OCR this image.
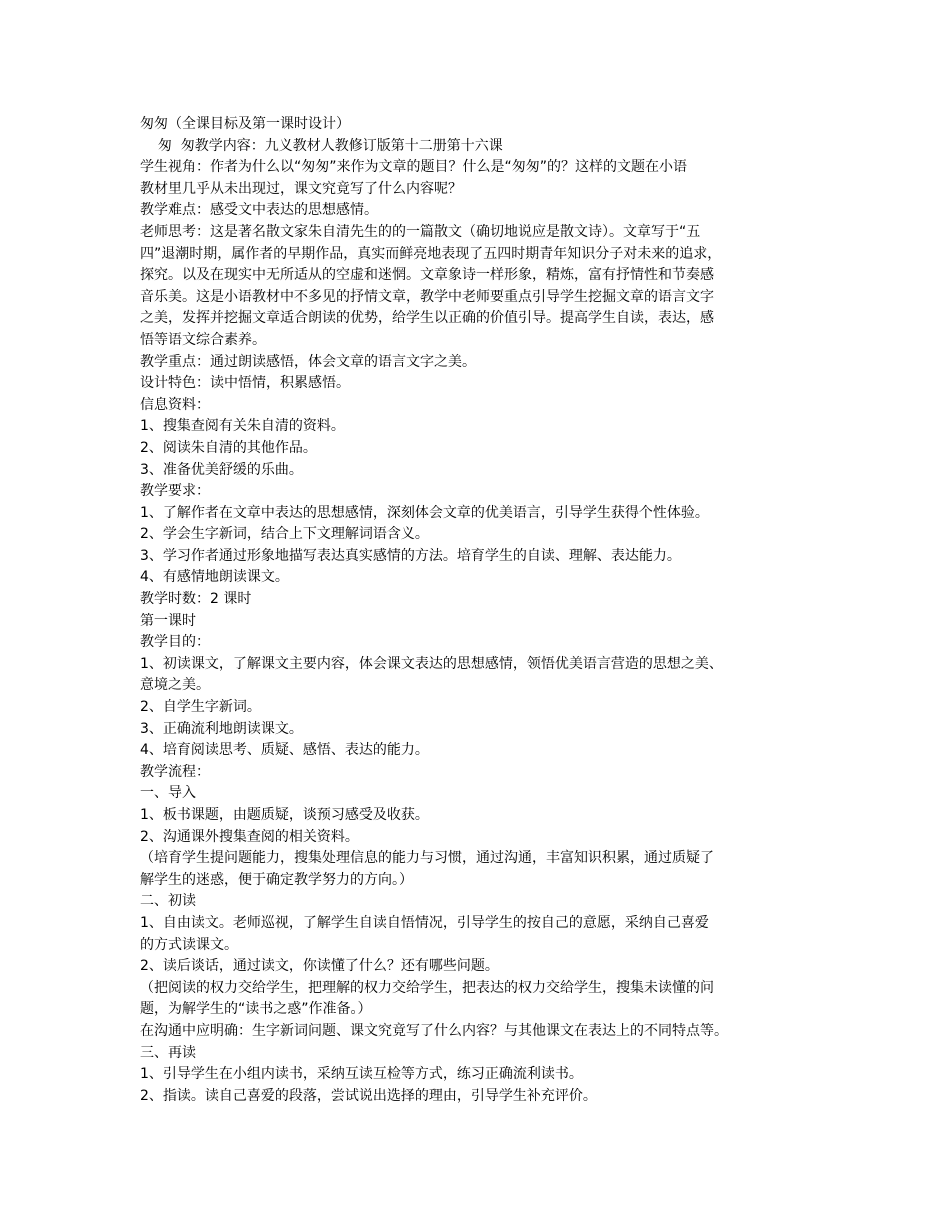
匆匆（全课目标及第一课时设计）
匆  匆教学内容：九义教材人教修订版第十二册第十六课
学生视角：作者为什么以“匆匆”来作为文章的题目？什么是“匆匆”的？这样的文题在小语
教材里几乎从未出现过，课文究竟写了什么内容呢？
教学难点：感受文中表达的思想感情。
老师思考：这是著名散文家朱自清先生的的一篇散文（确切地说应是散文诗）。文章写于“五
四”退潮时期，属作者的早期作品，真实而鲜亮地表现了五四时期青年知识分子对未来的追求，
探究。以及在现实中无所适从的空虚和迷惘。文章象诗一样形象，精炼，富有抒情性和节奏感
音乐美。这是小语教材中不多见的抒情文章，教学中老师要重点引导学生挖掘文章的语言文字
之美，发挥并挖掘文章适合朗读的优势，给学生以正确的价值引导。提高学生自读，表达，感
悟等语文综合素养。
教学重点：通过朗读感悟，体会文章的语言文字之美。
设计特色：读中悟情，积累感悟。
信息资料：
1、搜集查阅有关朱自清的资料。
2、阅读朱自清的其他作品。
3、准备优美舒缓的乐曲。
教学要求：
1、了解作者在文章中表达的思想感情，深刻体会文章的优美语言，引导学生获得个性体验。
2、学会生字新词，结合上下文理解词语含义。
3、学习作者通过形象地描写表达真实感情的方法。培育学生的自读、理解、表达能力。
4、有感情地朗读课文。
教学时数：2 课时
第一课时
教学目的：
1、初读课文，了解课文主要内容，体会课文表达的思想感情，领悟优美语言营造的思想之美、
意境之美。
2、自学生字新词。
3、正确流利地朗读课文。
4、培育阅读思考、质疑、感悟、表达的能力。
教学流程：
一、导入
1、板书课题，由题质疑，谈预习感受及收获。
2、沟通课外搜集查阅的相关资料。
（培育学生提问题能力，搜集处理信息的能力与习惯，通过沟通，丰富知识积累，通过质疑了
解学生的迷惑，便于确定教学努力的方向。）
二、初读
1、自由读文。老师巡视，了解学生自读自悟情况，引导学生的按自己的意愿，采纳自己喜爱
的方式读课文。
2、读后谈话，通过读文，你读懂了什么？还有哪些问题。
（把阅读的权力交给学生，把理解的权力交给学生，把表达的权力交给学生，搜集未读懂的问
题，为解学生的“读书之惑”作准备。）
在沟通中应明确：生字新词问题、课文究竟写了什么内容？与其他课文在表达上的不同特点等。
三、再读
1、引导学生在小组内读书，采纳互读互检等方式，练习正确流利读书。
2、指读。读自己喜爱的段落，尝试说出选择的理由，引导学生补充评价。
